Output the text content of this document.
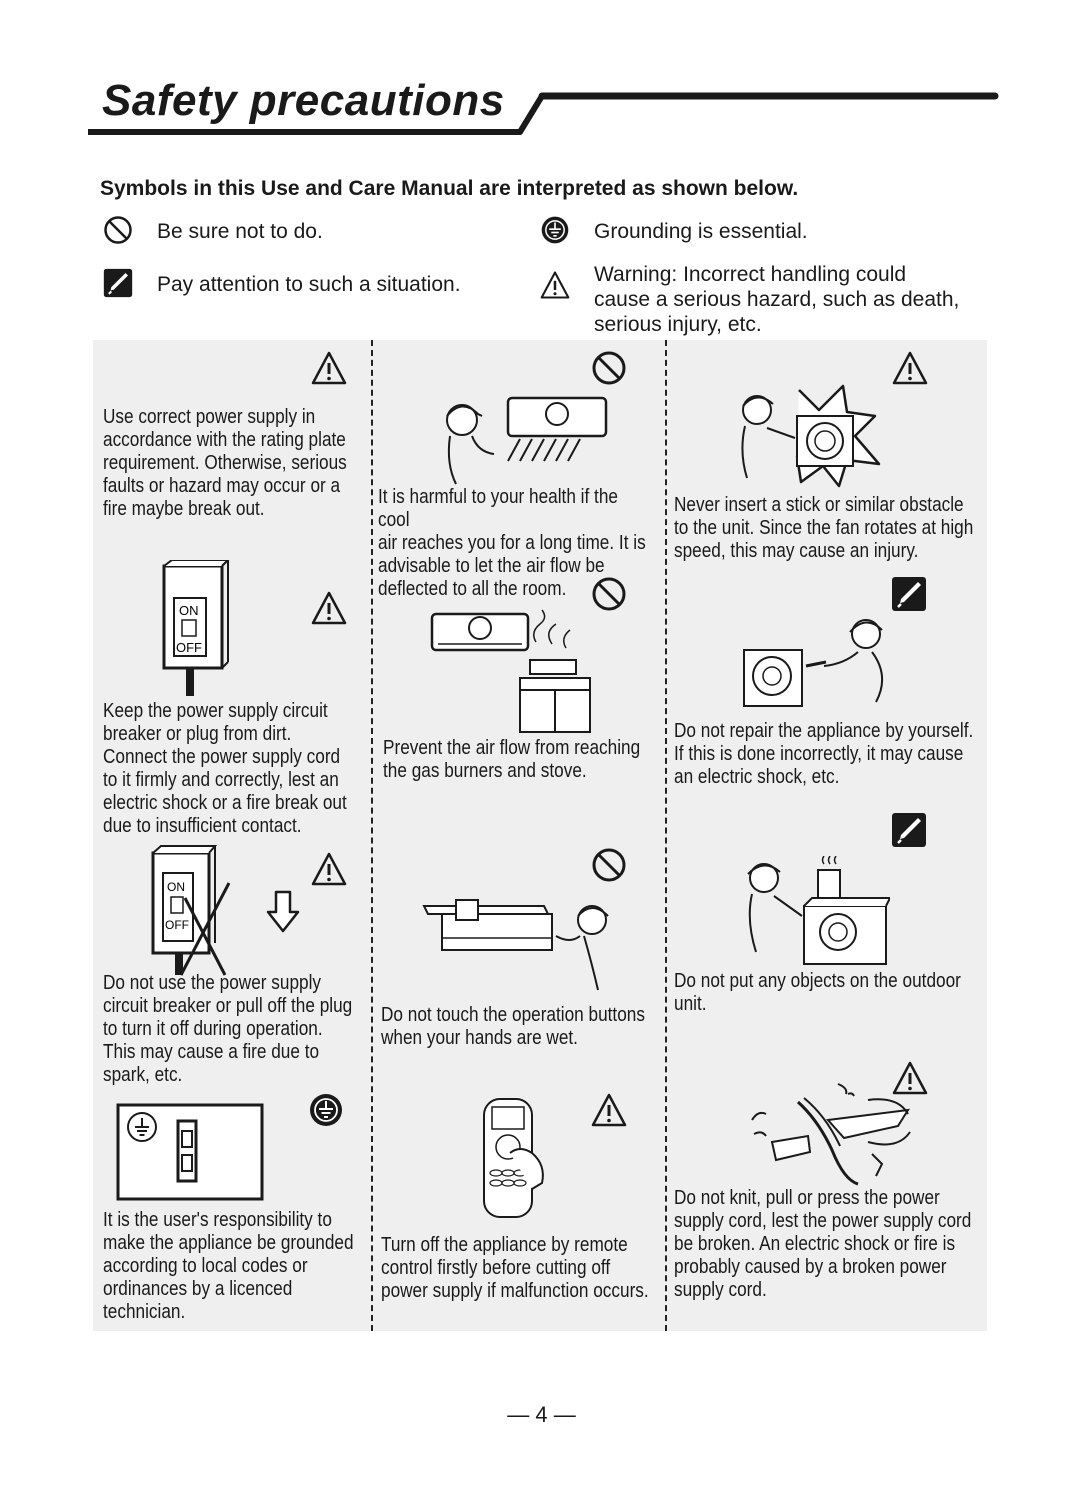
Safety precautions

Symbols in this Use and Care Manual are interpreted as shown below.

Be sure not to do.	Grounding is essential.
Pay attention to such a situation.	Warning: Incorrect handling could
cause a serious hazard, such as death,
serious injury, etc.
Use correct power supply in
accordance with the rating plate
requirement. Otherwise, serious
faults or hazard may occur or a
fire maybe break out.
ON
OFF
Keep the power supply circuit
breaker or plug from dirt.
Connect the power supply cord
to it firmly and correctly, lest an
electric shock or a fire break out
due to insufficient contact.
ON
OFF
Do not use the power supply
circuit breaker or pull off the plug
to turn it off during operation.
This may cause a fire due to
spark, etc.
It is the user's responsibility to
make the appliance be grounded
according to local codes or
ordinances by a licenced
technician.
It is harmful to your health if the cool
air reaches you for a long time. It is
advisable to let the air flow be
deflected to all the room.
Prevent the air flow from reaching
the gas burners and stove.
Do not touch the operation buttons
when your hands are wet.
Turn off the appliance by remote
control firstly before cutting off
power supply if malfunction occurs.
Never insert a stick or similar obstacle
to the unit. Since the fan rotates at high
speed, this may cause an injury.
Do not repair the appliance by yourself.
If this is done incorrectly, it may cause
an electric shock, etc.
Do not put any objects on the outdoor
unit.
Do not knit, pull or press the power
supply cord, lest the power supply cord
be broken. An electric shock or fire is
probably caused by a broken power
supply cord.
— 4 —
